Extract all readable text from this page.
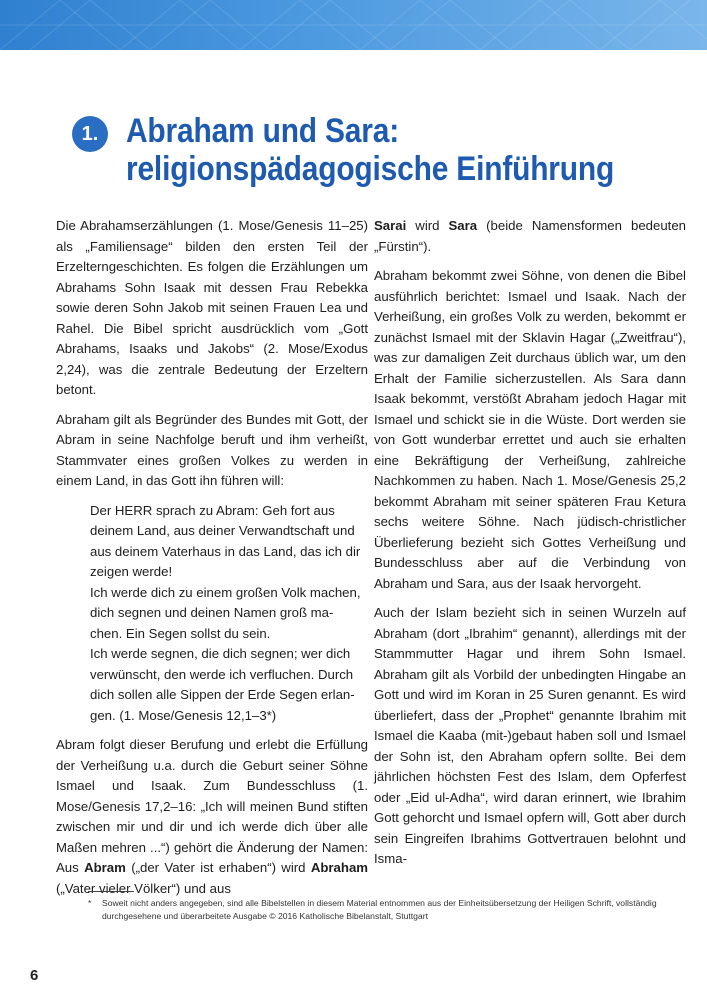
1. Abraham und Sara:
religionspädagogische Einführung

Die Abrahamserzählungen (1. Mose/Genesis 11–25) als „Familiensage“ bilden den ersten Teil der Erzelterngeschichten. Es folgen die Erzählungen um Abrahams Sohn Isaak mit dessen Frau Rebekka sowie deren Sohn Jakob mit seinen Frauen Lea und Rahel. Die Bibel spricht ausdrücklich vom „Gott Abrahams, Isaaks und Jakobs“ (2. Mose/Exodus 2,24), was die zentrale Bedeutung der Erzeltern betont.

Abraham gilt als Begründer des Bundes mit Gott, der Abram in seine Nachfolge beruft und ihm verheißt, Stammvater eines großen Volkes zu werden in einem Land, in das Gott ihn führen will:

Der HERR sprach zu Abram: Geh fort aus
deinem Land, aus deiner Verwandtschaft und
aus deinem Vaterhaus in das Land, das ich dir
zeigen werde!
Ich werde dich zu einem großen Volk machen,
dich segnen und deinen Namen groß ma-
chen. Ein Segen sollst du sein.
Ich werde segnen, die dich segnen; wer dich
verwünscht, den werde ich verfluchen. Durch
dich sollen alle Sippen der Erde Segen erlan-
gen. (1. Mose/Genesis 12,1–3*)

Abram folgt dieser Berufung und erlebt die Erfüllung der Verheißung u.a. durch die Geburt seiner Söhne Ismael und Isaak. Zum Bundesschluss (1. Mose/Genesis 17,2–16: „Ich will meinen Bund stiften zwischen mir und dir und ich werde dich über alle Maßen mehren ...“) gehört die Änderung der Namen: Aus Abram („der Vater ist erhaben“) wird Abraham („Vater vieler Völker“) und aus

Sarai wird Sara (beide Namensformen bedeuten „Fürstin“).

Abraham bekommt zwei Söhne, von denen die Bibel ausführlich berichtet: Ismael und Isaak. Nach der Verheißung, ein großes Volk zu werden, bekommt er zunächst Ismael mit der Sklavin Hagar („Zweitfrau“), was zur damaligen Zeit durchaus üblich war, um den Erhalt der Familie sicherzustellen. Als Sara dann Isaak bekommt, verstößt Abraham jedoch Hagar mit Ismael und schickt sie in die Wüste. Dort werden sie von Gott wunderbar errettet und auch sie erhalten eine Bekräftigung der Verheißung, zahlreiche Nachkommen zu haben. Nach 1. Mose/Genesis 25,2 bekommt Abraham mit seiner späteren Frau Ketura sechs weitere Söhne. Nach jüdisch-christlicher Überlieferung bezieht sich Gottes Verheißung und Bundesschluss aber auf die Verbindung von Abraham und Sara, aus der Isaak hervorgeht.

Auch der Islam bezieht sich in seinen Wurzeln auf Abraham (dort „Ibrahim“ genannt), allerdings mit der Stammmutter Hagar und ihrem Sohn Ismael. Abraham gilt als Vorbild der unbedingten Hingabe an Gott und wird im Koran in 25 Suren genannt. Es wird überliefert, dass der „Prophet“ genannte Ibrahim mit Ismael die Kaaba (mit-)gebaut haben soll und Ismael der Sohn ist, den Abraham opfern sollte. Bei dem jährlichen höchsten Fest des Islam, dem Opferfest oder „Eid ul-Adha“, wird daran erinnert, wie Ibrahim Gott gehorcht und Ismael opfern will, Gott aber durch sein Eingreifen Ibrahims Gottvertrauen belohnt und Isma-

* Soweit nicht anders angegeben, sind alle Bibelstellen in diesem Material entnommen aus der Einheitsübersetzung der Heiligen Schrift, vollständig durchgesehene und überarbeitete Ausgabe © 2016 Katholische Bibelanstalt, Stuttgart
6
